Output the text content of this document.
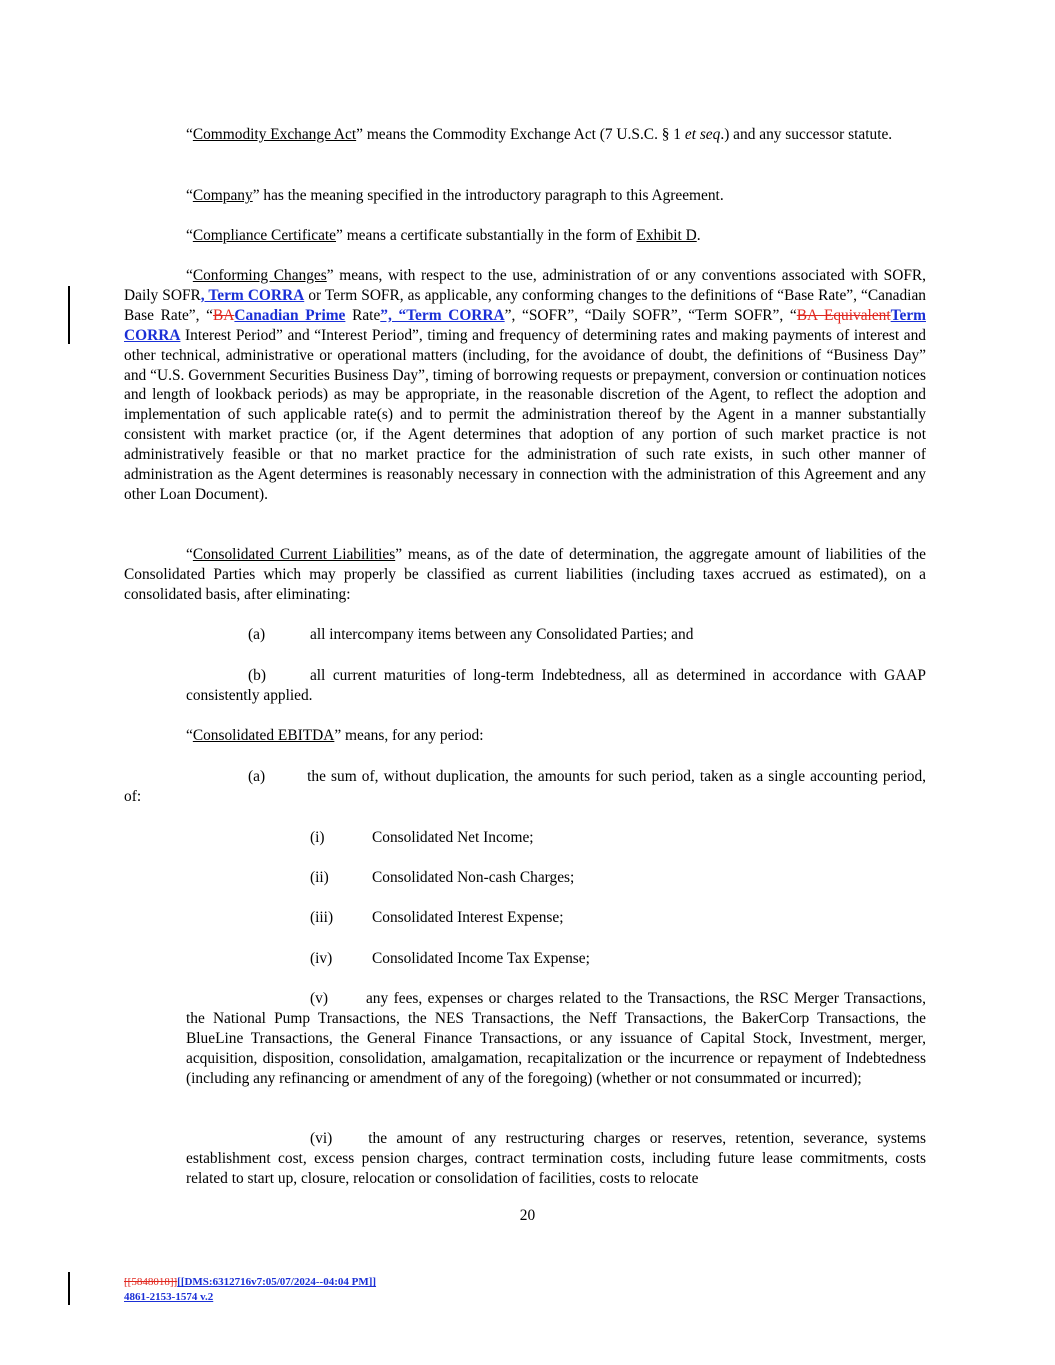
“Commodity Exchange Act” means the Commodity Exchange Act (7 U.S.C. § 1 et seq.) and any successor statute.

“Company” has the meaning specified in the introductory paragraph to this Agreement.

“Compliance Certificate” means a certificate substantially in the form of Exhibit D.

“Conforming Changes” means, with respect to the use, administration of or any conventions associated with SOFR, Daily SOFR, Term CORRA or Term SOFR, as applicable, any conforming changes to the definitions of “Base Rate”, “Canadian Base Rate”, “BACanadian Prime Rate”, “Term CORRA”, “SOFR”, “Daily SOFR”, “Term SOFR”, “BA EquivalentTerm CORRA Interest Period” and “Interest Period”, timing and frequency of determining rates and making payments of interest and other technical, administrative or operational matters (including, for the avoidance of doubt, the definitions of “Business Day” and “U.S. Government Securities Business Day”, timing of borrowing requests or prepayment, conversion or continuation notices and length of lookback periods) as may be appropriate, in the reasonable discretion of the Agent, to reflect the adoption and implementation of such applicable rate(s) and to permit the administration thereof by the Agent in a manner substantially consistent with market practice (or, if the Agent determines that adoption of any portion of such market practice is not administratively feasible or that no market practice for the administration of such rate exists, in such other manner of administration as the Agent determines is reasonably necessary in connection with the administration of this Agreement and any other Loan Document).

“Consolidated Current Liabilities” means, as of the date of determination, the aggregate amount of liabilities of the Consolidated Parties which may properly be classified as current liabilities (including taxes accrued as estimated), on a consolidated basis, after eliminating:

(a)	all intercompany items between any Consolidated Parties; and

(b)	all current maturities of long-term Indebtedness, all as determined in accordance with GAAP consistently applied.

“Consolidated EBITDA” means, for any period:

(a)	the sum of, without duplication, the amounts for such period, taken as a single accounting period, of:

(i)	Consolidated Net Income;
(ii)	Consolidated Non-cash Charges;
(iii)	Consolidated Interest Expense;
(iv)	Consolidated Income Tax Expense;

(v) any fees, expenses or charges related to the Transactions, the RSC Merger Transactions, the National Pump Transactions, the NES Transactions, the Neff Transactions, the BakerCorp Transactions, the BlueLine Transactions, the General Finance Transactions, or any issuance of Capital Stock, Investment, merger, acquisition, disposition, consolidation, amalgamation, recapitalization or the incurrence or repayment of Indebtedness (including any refinancing or amendment of any of the foregoing) (whether or not consummated or incurred);

(vi) the amount of any restructuring charges or reserves, retention, severance, systems establishment cost, excess pension charges, contract termination costs, including future lease commitments, costs related to start up, closure, relocation or consolidation of facilities, costs to relocate

20
[[5848018]][[DMS:6312716v7:05/07/2024--04:04 PM]]
4861-2153-1574 v.2
